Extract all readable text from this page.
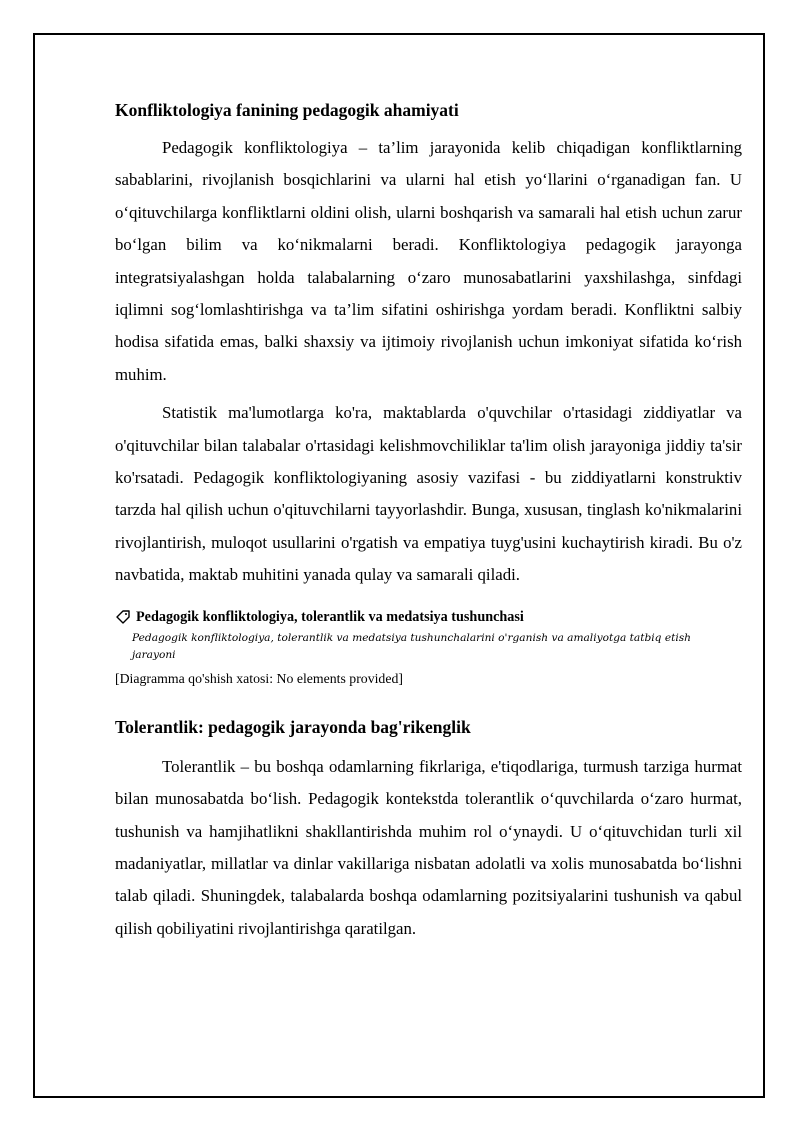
Konfliktologiya fanining pedagogik ahamiyati

Pedagogik konfliktologiya – ta’lim jarayonida kelib chiqadigan konfliktlarning sabablarini, rivojlanish bosqichlarini va ularni hal etish yo‘llarini o‘rganadigan fan. U o‘qituvchilarga konfliktlarni oldini olish, ularni boshqarish va samarali hal etish uchun zarur bo‘lgan bilim va ko‘nikmalarni beradi. Konfliktologiya pedagogik jarayonga integratsiyalashgan holda talabalarning o‘zaro munosabatlarini yaxshilashga, sinfdagi iqlimni sog‘lomlashtirishga va ta’lim sifatini oshirishga yordam beradi. Konfliktni salbiy hodisa sifatida emas, balki shaxsiy va ijtimoiy rivojlanish uchun imkoniyat sifatida ko‘rish muhim.

Statistik ma'lumotlarga ko'ra, maktablarda o'quvchilar o'rtasidagi ziddiyatlar va o'qituvchilar bilan talabalar o'rtasidagi kelishmovchiliklar ta'lim olish jarayoniga jiddiy ta'sir ko'rsatadi. Pedagogik konfliktologiyaning asosiy vazifasi - bu ziddiyatlarni konstruktiv tarzda hal qilish uchun o'qituvchilarni tayyorlashdir. Bunga, xususan, tinglash ko'nikmalarini rivojlantirish, muloqot usullarini o'rgatish va empatiya tuyg'usini kuchaytirish kiradi. Bu o'z navbatida, maktab muhitini yanada qulay va samarali qiladi.

Pedagogik konfliktologiya, tolerantlik va medatsiya tushunchasi
Pedagogik konfliktologiya, tolerantlik va medatsiya tushunchalarini o'rganish va amaliyotga tatbiq etish jarayoni
[Diagramma qo'shish xatosi: No elements provided]
Tolerantlik: pedagogik jarayonda bag'rikenglik

Tolerantlik – bu boshqa odamlarning fikrlariga, e'tiqodlariga, turmush tarziga hurmat bilan munosabatda bo‘lish. Pedagogik kontekstda tolerantlik o‘quvchilarda o‘zaro hurmat, tushunish va hamjihatlikni shakllantirishda muhim rol o‘ynaydi. U o‘qituvchidan turli xil madaniyatlar, millatlar va dinlar vakillariga nisbatan adolatli va xolis munosabatda bo‘lishni talab qiladi. Shuningdek, talabalarda boshqa odamlarning pozitsiyalarini tushunish va qabul qilish qobiliyatini rivojlantirishga qaratilgan.
